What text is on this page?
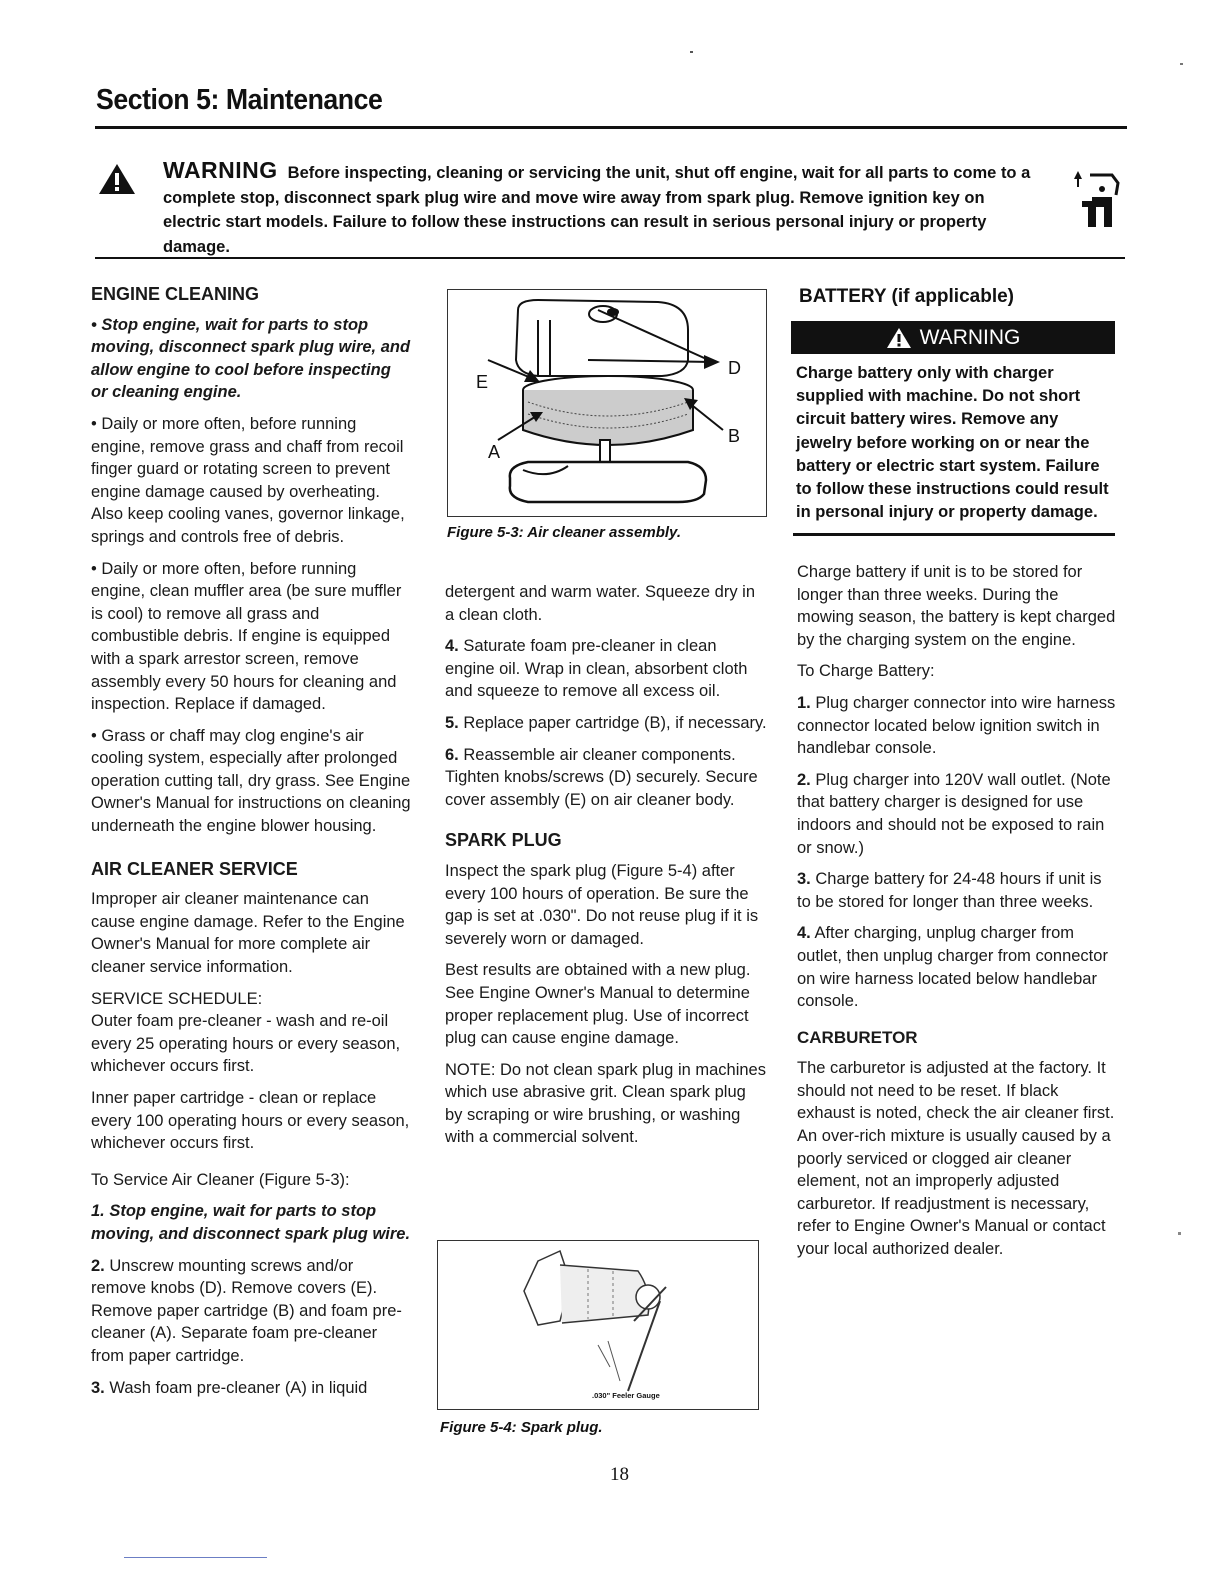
Section 5: Maintenance
WARNING Before inspecting, cleaning or servicing the unit, shut off engine, wait for all parts to come to a complete stop, disconnect spark plug wire and move wire away from spark plug. Remove ignition key on electric start models. Failure to follow these instructions can result in serious personal injury or property damage.
ENGINE CLEANING

• Stop engine, wait for parts to stop moving, disconnect spark plug wire, and allow engine to cool before inspecting or cleaning engine.

• Daily or more often, before running engine, remove grass and chaff from recoil finger guard or rotating screen to prevent engine damage caused by overheating. Also keep cooling vanes, governor linkage, springs and controls free of debris.

• Daily or more often, before running engine, clean muffler area (be sure muffler is cool) to remove all grass and combustible debris. If engine is equipped with a spark arrestor screen, remove assembly every 50 hours for cleaning and inspection. Replace if damaged.

• Grass or chaff may clog engine's air cooling system, especially after prolonged operation cutting tall, dry grass. See Engine Owner's Manual for instructions on cleaning underneath the engine blower housing.

AIR CLEANER SERVICE

Improper air cleaner maintenance can cause engine damage. Refer to the Engine Owner's Manual for more complete air cleaner service information.

SERVICE SCHEDULE:

Outer foam pre-cleaner - wash and re-oil every 25 operating hours or every season, whichever occurs first.

Inner paper cartridge - clean or replace every 100 operating hours or every season, whichever occurs first.

To Service Air Cleaner (Figure 5-3):

1. Stop engine, wait for parts to stop moving, and disconnect spark plug wire.

2. Unscrew mounting screws and/or remove knobs (D). Remove covers (E). Remove paper cartridge (B) and foam pre-cleaner (A). Separate foam pre-cleaner from paper cartridge.

3. Wash foam pre-cleaner (A) in liquid

D
E
A
B
Figure 5-3: Air cleaner assembly.

detergent and warm water. Squeeze dry in a clean cloth.

4. Saturate foam pre-cleaner in clean engine oil. Wrap in clean, absorbent cloth and squeeze to remove all excess oil.

5. Replace paper cartridge (B), if necessary.

6. Reassemble air cleaner components. Tighten knobs/screws (D) securely. Secure cover assembly (E) on air cleaner body.

SPARK PLUG

Inspect the spark plug (Figure 5-4) after every 100 hours of operation. Be sure the gap is set at .030". Do not reuse plug if it is severely worn or damaged.

Best results are obtained with a new plug. See Engine Owner's Manual to determine proper replacement plug. Use of incorrect plug can cause engine damage.

NOTE: Do not clean spark plug in machines which use abrasive grit. Clean spark plug by scraping or wire brushing, or washing with a commercial solvent.

.030" Feeler Gauge
Figure 5-4: Spark plug.
BATTERY (if applicable)
WARNING
Charge battery only with charger supplied with machine. Do not short circuit battery wires. Remove any jewelry before working on or near the battery or electric start system. Failure to follow these instructions could result in personal injury or property damage.

Charge battery if unit is to be stored for longer than three weeks. During the mowing season, the battery is kept charged by the charging system on the engine.

To Charge Battery:

1. Plug charger connector into wire harness connector located below ignition switch in handlebar console.

2. Plug charger into 120V wall outlet. (Note that battery charger is designed for use indoors and should not be exposed to rain or snow.)

3. Charge battery for 24-48 hours if unit is to be stored for longer than three weeks.

4. After charging, unplug charger from outlet, then unplug charger from connector on wire harness located below handlebar console.

CARBURETOR

The carburetor is adjusted at the factory. It should not need to be reset. If black exhaust is noted, check the air cleaner first. An over-rich mixture is usually caused by a poorly serviced or clogged air cleaner element, not an improperly adjusted carburetor. If readjustment is necessary, refer to Engine Owner's Manual or contact your local authorized dealer.

18
